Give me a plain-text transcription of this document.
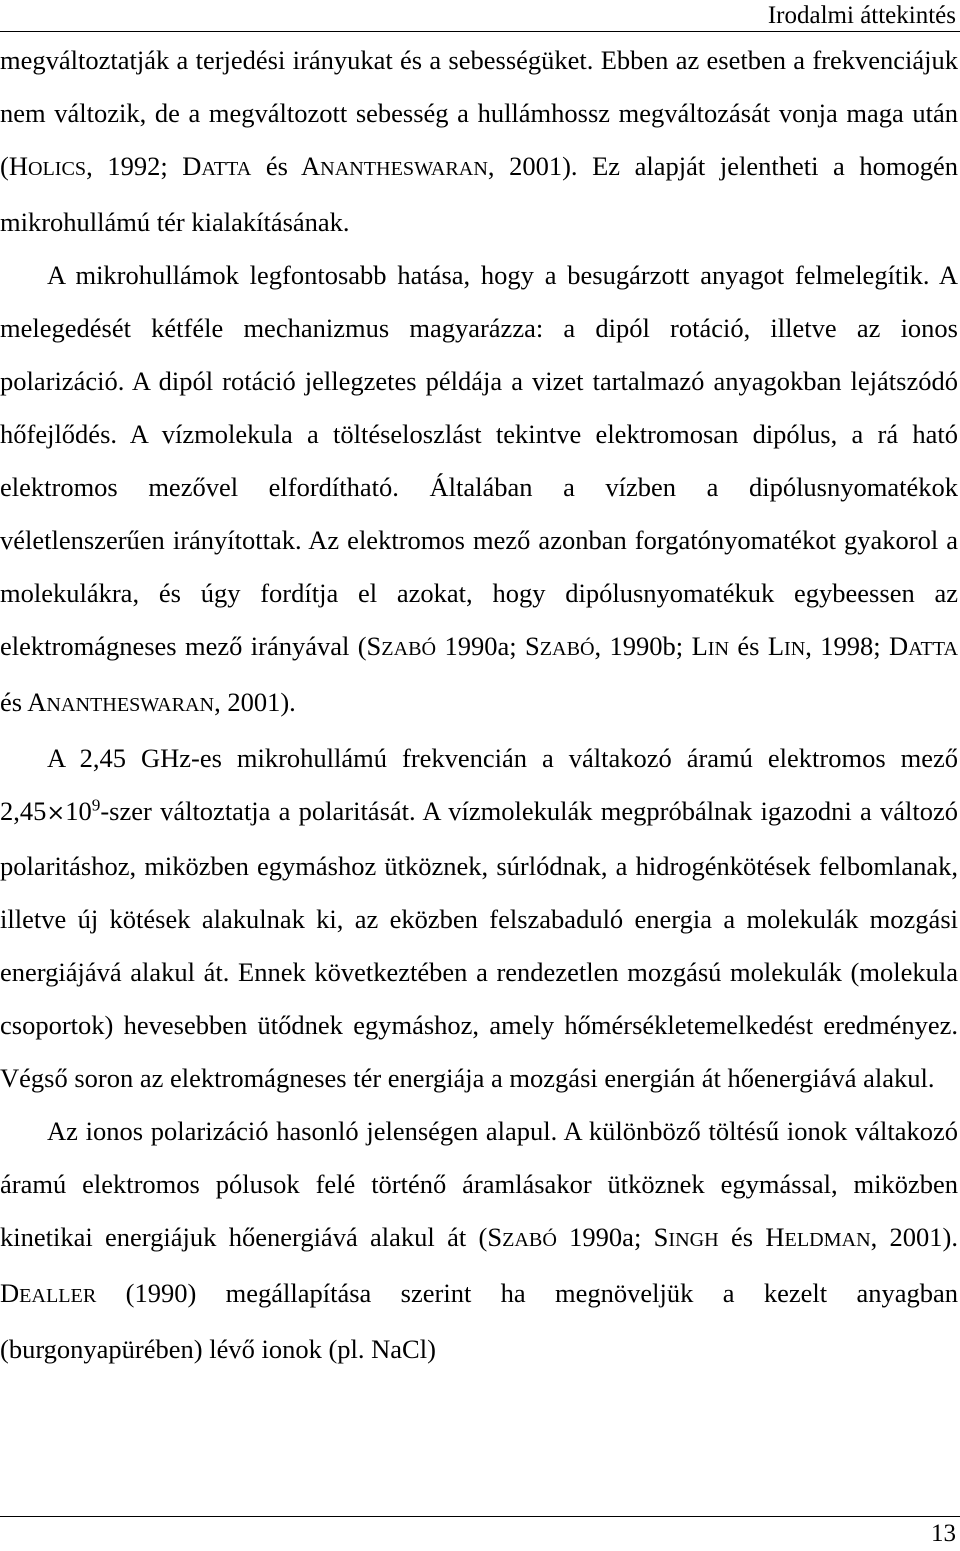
Irodalmi áttekintés

megváltoztatják a terjedési irányukat és a sebességüket. Ebben az esetben a frekvenciájuk nem változik, de a megváltozott sebesség a hullámhossz megváltozását vonja maga után (HOLICS, 1992; DATTA és ANANTHESWARAN, 2001). Ez alapját jelentheti a homogén mikrohullámú tér kialakításának.

A mikrohullámok legfontosabb hatása, hogy a besugárzott anyagot felmelegítik. A melegedését kétféle mechanizmus magyarázza: a dipól rotáció, illetve az ionos polarizáció. A dipól rotáció jellegzetes példája a vizet tartalmazó anyagokban lejátszódó hőfejlődés. A vízmolekula a töltéseloszlást tekintve elektromosan dipólus, a rá ható elektromos mezővel elfordítható. Általában a vízben a dipólusnyomatékok véletlenszerűen irányítottak. Az elektromos mező azonban forgatónyomatékot gyakorol a molekulákra, és úgy fordítja el azokat, hogy dipólusnyomatékuk egybeessen az elektromágneses mező irányával (SZABÓ 1990a; SZABÓ, 1990b; LIN és LIN, 1998; DATTA és ANANTHESWARAN, 2001).

A 2,45 GHz-es mikrohullámú frekvencián a váltakozó áramú elektromos mező $2,45\times 10^9$-szer változtatja a polaritását. A vízmolekulák megpróbálnak igazodni a változó polaritáshoz, miközben egymáshoz ütköznek, súrlódnak, a hidrogénkötések felbomlanak, illetve új kötések alakulnak ki, az eközben felszabaduló energia a molekulák mozgási energiájává alakul át. Ennek következtében a rendezetlen mozgású molekulák (molekula csoportok) hevesebben ütődnek egymáshoz, amely hőmérsékletemelkedést eredményez. Végső soron az elektromágneses tér energiája a mozgási energián át hőenergiává alakul.

Az ionos polarizáció hasonló jelenségen alapul. A különböző töltésű ionok váltakozó áramú elektromos pólusok felé történő áramlásakor ütköznek egymással, miközben kinetikai energiájuk hőenergiává alakul át (SZABÓ 1990a; SINGH és HELDMAN, 2001). DEALLER (1990) megállapítása szerint ha megnöveljük a kezelt anyagban (burgonyapürében) lévő ionok (pl. NaCl)

13
